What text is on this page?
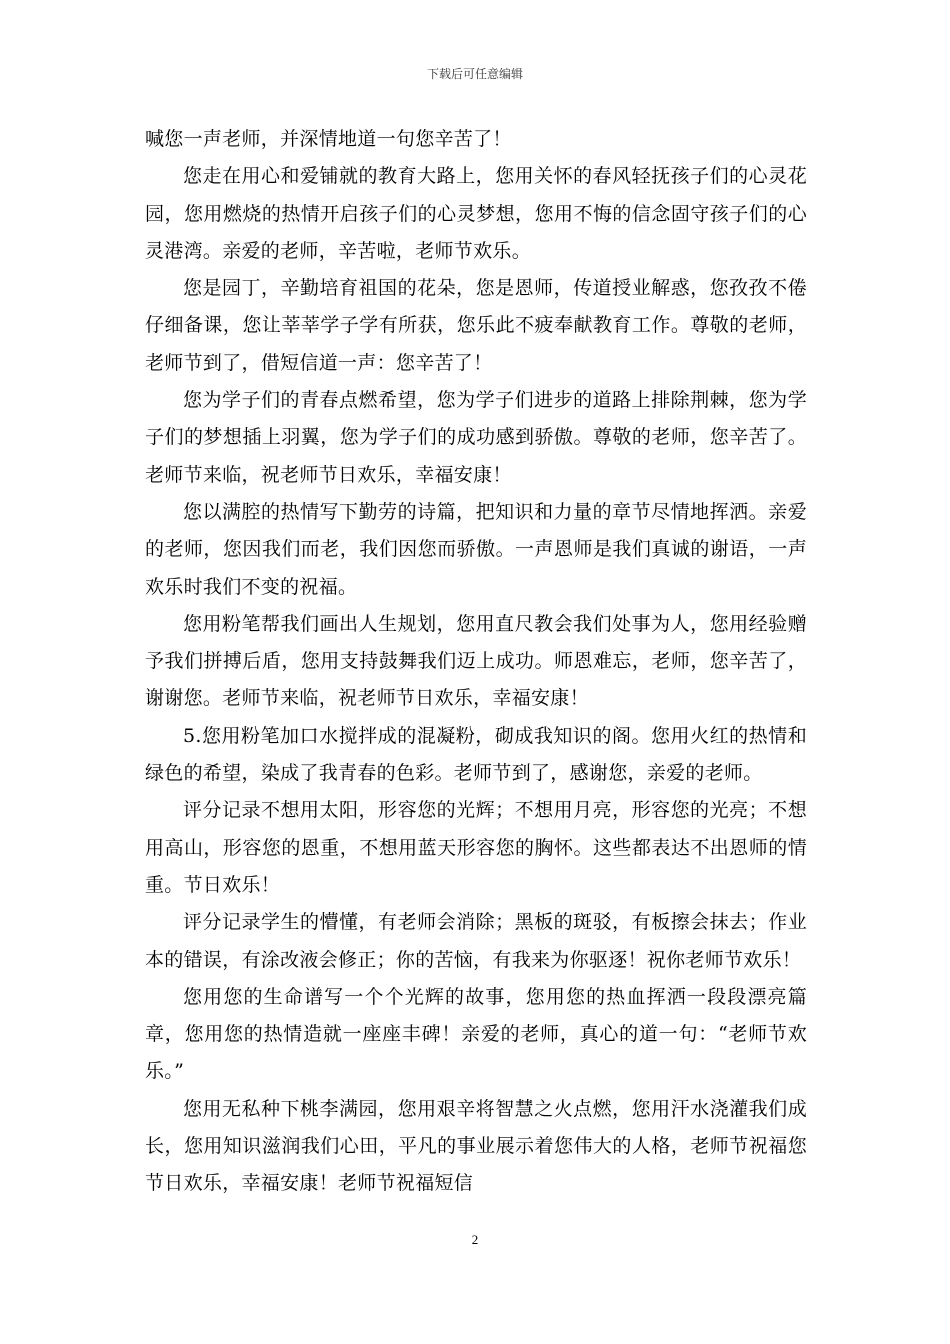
下载后可任意编辑

喊您一声老师，并深情地道一句您辛苦了！

您走在用心和爱铺就的教育大路上，您用关怀的春风轻抚孩子们的心灵花园，您用燃烧的热情开启孩子们的心灵梦想，您用不悔的信念固守孩子们的心灵港湾。亲爱的老师，辛苦啦，老师节欢乐。

您是园丁，辛勤培育祖国的花朵，您是恩师，传道授业解惑，您孜孜不倦仔细备课，您让莘莘学子学有所获，您乐此不疲奉献教育工作。尊敬的老师，老师节到了，借短信道一声：您辛苦了！

您为学子们的青春点燃希望，您为学子们进步的道路上排除荆棘，您为学子们的梦想插上羽翼，您为学子们的成功感到骄傲。尊敬的老师，您辛苦了。老师节来临，祝老师节日欢乐，幸福安康！

您以满腔的热情写下勤劳的诗篇，把知识和力量的章节尽情地挥洒。亲爱的老师，您因我们而老，我们因您而骄傲。一声恩师是我们真诚的谢语，一声欢乐时我们不变的祝福。

您用粉笔帮我们画出人生规划，您用直尺教会我们处事为人，您用经验赠予我们拼搏后盾，您用支持鼓舞我们迈上成功。师恩难忘，老师，您辛苦了，谢谢您。老师节来临，祝老师节日欢乐，幸福安康！

5.您用粉笔加口水搅拌成的混凝粉，砌成我知识的阁。您用火红的热情和绿色的希望，染成了我青春的色彩。老师节到了，感谢您，亲爱的老师。

评分记录不想用太阳，形容您的光辉；不想用月亮，形容您的光亮；不想用高山，形容您的恩重，不想用蓝天形容您的胸怀。这些都表达不出恩师的情重。节日欢乐！

评分记录学生的懵懂，有老师会消除；黑板的斑驳，有板擦会抹去；作业本的错误，有涂改液会修正；你的苦恼，有我来为你驱逐！祝你老师节欢乐！

您用您的生命谱写一个个光辉的故事，您用您的热血挥洒一段段漂亮篇章，您用您的热情造就一座座丰碑！亲爱的老师，真心的道一句：“老师节欢乐。”

您用无私种下桃李满园，您用艰辛将智慧之火点燃，您用汗水浇灌我们成长，您用知识滋润我们心田，平凡的事业展示着您伟大的人格，老师节祝福您节日欢乐，幸福安康！老师节祝福短信

2
